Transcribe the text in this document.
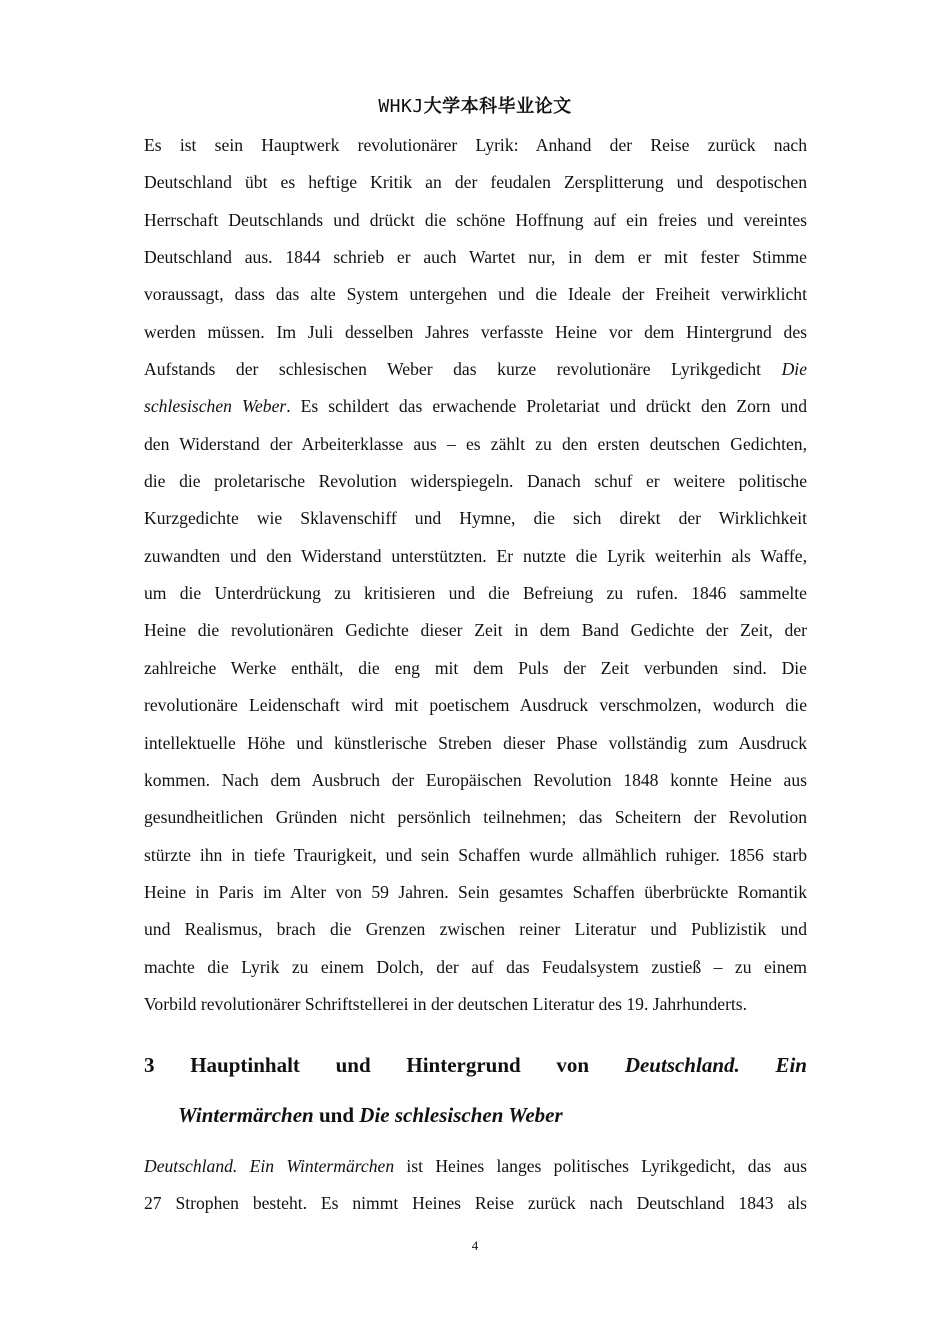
WHKJ大学本科毕业论文
Es ist sein Hauptwerk revolutionärer Lyrik: Anhand der Reise zurück nach
Deutschland übt es heftige Kritik an der feudalen Zersplitterung und despotischen
Herrschaft Deutschlands und drückt die schöne Hoffnung auf ein freies und vereintes
Deutschland aus. 1844 schrieb er auch Wartet nur, in dem er mit fester Stimme
voraussagt, dass das alte System untergehen und die Ideale der Freiheit verwirklicht
werden müssen. Im Juli desselben Jahres verfasste Heine vor dem Hintergrund des
Aufstands der schlesischen Weber das kurze revolutionäre Lyrikgedicht Die
schlesischen Weber. Es schildert das erwachende Proletariat und drückt den Zorn und
den Widerstand der Arbeiterklasse aus – es zählt zu den ersten deutschen Gedichten,
die die proletarische Revolution widerspiegeln. Danach schuf er weitere politische
Kurzgedichte wie Sklavenschiff und Hymne, die sich direkt der Wirklichkeit
zuwandten und den Widerstand unterstützten. Er nutzte die Lyrik weiterhin als Waffe,
um die Unterdrückung zu kritisieren und die Befreiung zu rufen. 1846 sammelte
Heine die revolutionären Gedichte dieser Zeit in dem Band Gedichte der Zeit, der
zahlreiche Werke enthält, die eng mit dem Puls der Zeit verbunden sind. Die
revolutionäre Leidenschaft wird mit poetischem Ausdruck verschmolzen, wodurch die
intellektuelle Höhe und künstlerische Streben dieser Phase vollständig zum Ausdruck
kommen. Nach dem Ausbruch der Europäischen Revolution 1848 konnte Heine aus
gesundheitlichen Gründen nicht persönlich teilnehmen; das Scheitern der Revolution
stürzte ihn in tiefe Traurigkeit, und sein Schaffen wurde allmählich ruhiger. 1856 starb
Heine in Paris im Alter von 59 Jahren. Sein gesamtes Schaffen überbrückte Romantik
und Realismus, brach die Grenzen zwischen reiner Literatur und Publizistik und
machte die Lyrik zu einem Dolch, der auf das Feudalsystem zustieß – zu einem
Vorbild revolutionärer Schriftstellerei in der deutschen Literatur des 19. Jahrhunderts.
3 Hauptinhalt und Hintergrund von Deutschland. Ein
Wintermärchen und Die schlesischen Weber
Deutschland. Ein Wintermärchen ist Heines langes politisches Lyrikgedicht, das aus
27 Strophen besteht. Es nimmt Heines Reise zurück nach Deutschland 1843 als
4
